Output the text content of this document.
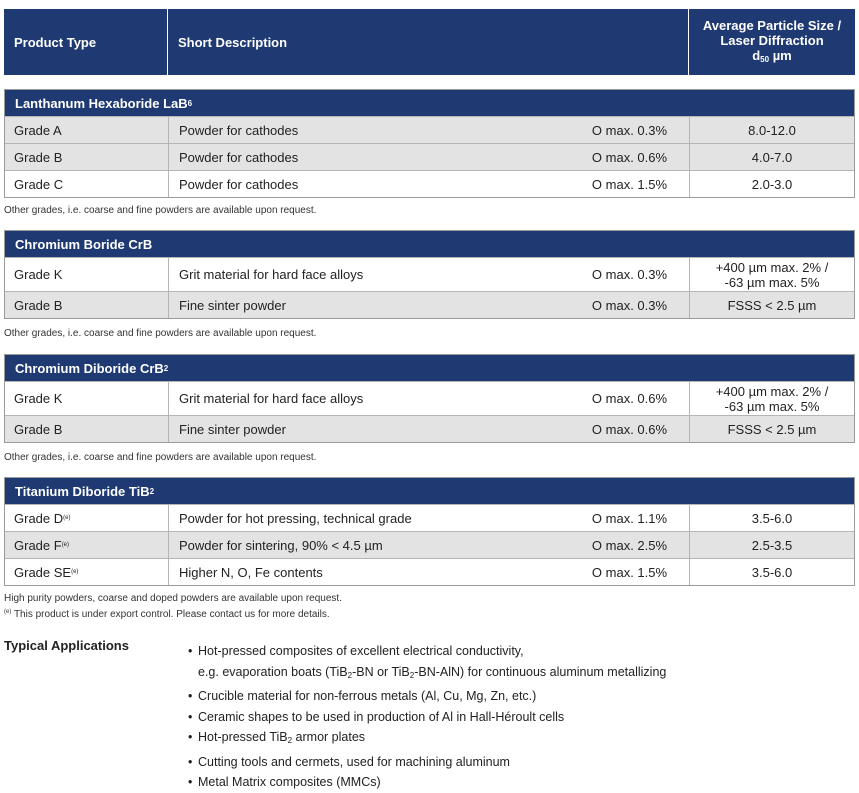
Product Type	Short Description
Average Particle Size /
Laser Diffraction
$d_{50}$ µm
Lanthanum Hexaboride LaB 6
Grade A	Powder for cathodes	O max. 0.3%	8.0-12.0
Grade B	Powder for cathodes	O max. 0.6%	4.0-7.0
Grade C	Powder for cathodes	O max. 1.5%	2.0-3.0
Other grades, i.e. coarse and fine powders are available upon request.
Chromium Boride CrB
Grade K	Grit material for hard face alloys	O max. 0.3%	+400 µm max. 2% /
-63 µm max. 5%
Grade B	Fine sinter powder	O max. 0.3%	FSSS < 2.5 µm
Other grades, i.e. coarse and fine powders are available upon request.
Chromium Diboride CrB 2
Grade K	Grit material for hard face alloys	O max. 0.6%	+400 µm max. 2% /
-63 µm max. 5%
Grade B	Fine sinter powder	O max. 0.6%	FSSS < 2.5 µm
Other grades, i.e. coarse and fine powders are available upon request.
Titanium Diboride TiB 2
Grade D (e)	Powder for hot pressing, technical grade	O max. 1.1%	3.5-6.0
Grade F (e)	Powder for sintering, 90% < 4.5 µm	O max. 2.5%	2.5-3.5
Grade SE (e)	Higher N, O, Fe contents	O max. 1.5%	3.5-6.0
High purity powders, coarse and doped powders are available upon request.
$^{(e)}$ This product is under export control. Please contact us for more details.
Typical Applications	• Hot-pressed composites of excellent electrical conductivity,
e.g. evaporation boats (TiB$_2$-BN or TiB$_2$-BN-AlN) for continuous aluminum metallizing
• Crucible material for non-ferrous metals (Al, Cu, Mg, Zn, etc.)
• Ceramic shapes to be used in production of Al in Hall-Héroult cells
• Hot-pressed TiB$_2$ armor plates
• Cutting tools and cermets, used for machining aluminum
• Metal Matrix composites (MMCs)
